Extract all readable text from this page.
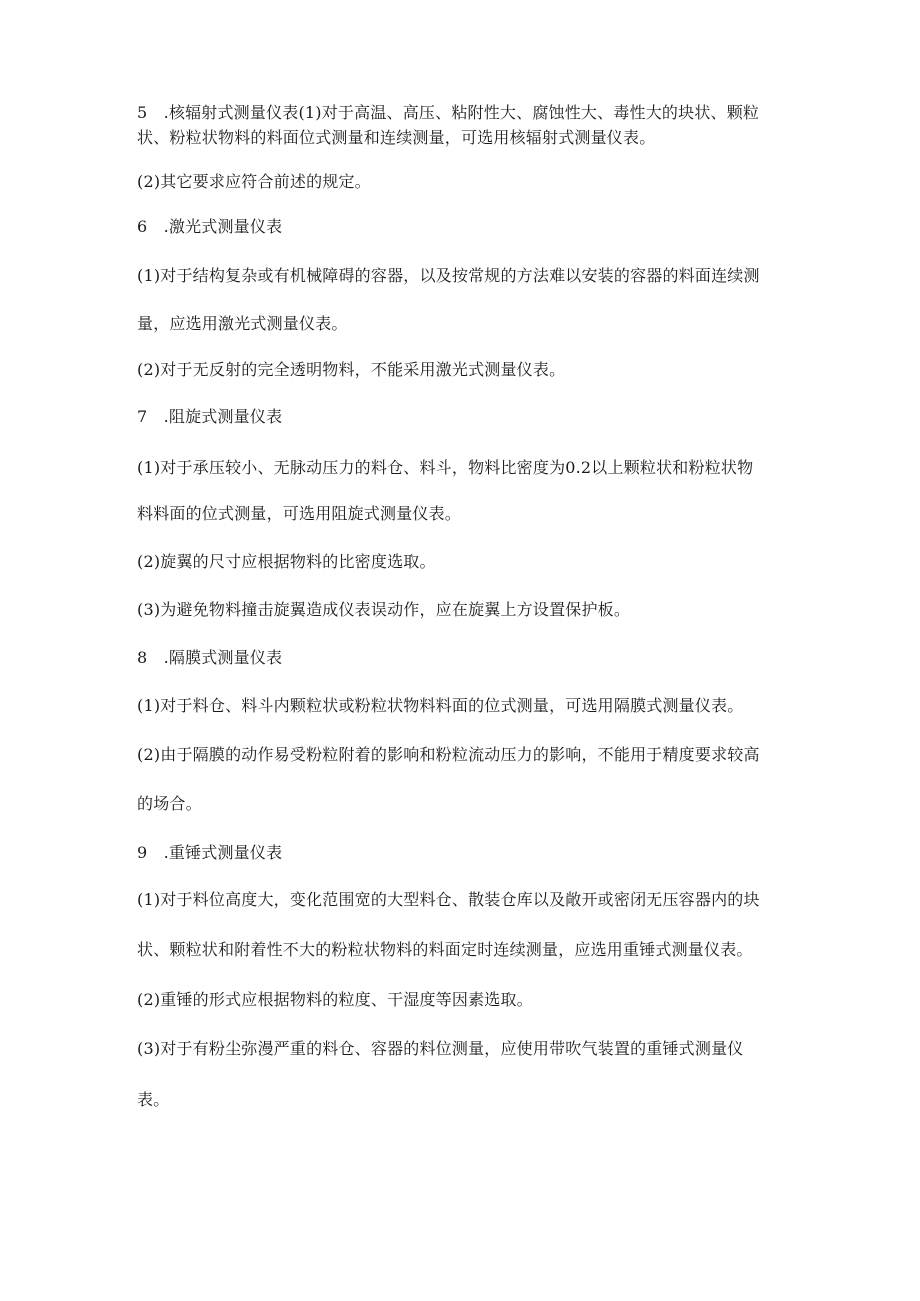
5　.核辐射式测量仪表(1)对于高温、高压、粘附性大、腐蚀性大、毒性大的块状、颗粒
状、粉粒状物料的料面位式测量和连续测量，可选用核辐射式测量仪表。
(2)其它要求应符合前述的规定。
6　.激光式测量仪表
(1)对于结构复杂或有机械障碍的容器，以及按常规的方法难以安装的容器的料面连续测
量，应选用激光式测量仪表。
(2)对于无反射的完全透明物料，不能采用激光式测量仪表。
7　.阻旋式测量仪表
(1)对于承压较小、无脉动压力的料仓、料斗，物料比密度为0.2以上颗粒状和粉粒状物
料料面的位式测量，可选用阻旋式测量仪表。
(2)旋翼的尺寸应根据物料的比密度选取。
(3)为避免物料撞击旋翼造成仪表误动作，应在旋翼上方设置保护板。
8　.隔膜式测量仪表
(1)对于料仓、料斗内颗粒状或粉粒状物料料面的位式测量，可选用隔膜式测量仪表。
(2)由于隔膜的动作易受粉粒附着的影响和粉粒流动压力的影响，不能用于精度要求较高
的场合。
9　.重锤式测量仪表
(1)对于料位高度大，变化范围宽的大型料仓、散装仓库以及敞开或密闭无压容器内的块
状、颗粒状和附着性不大的粉粒状物料的料面定时连续测量，应选用重锤式测量仪表。
(2)重锤的形式应根据物料的粒度、干湿度等因素选取。
(3)对于有粉尘弥漫严重的料仓、容器的料位测量，应使用带吹气装置的重锤式测量仪
表。
